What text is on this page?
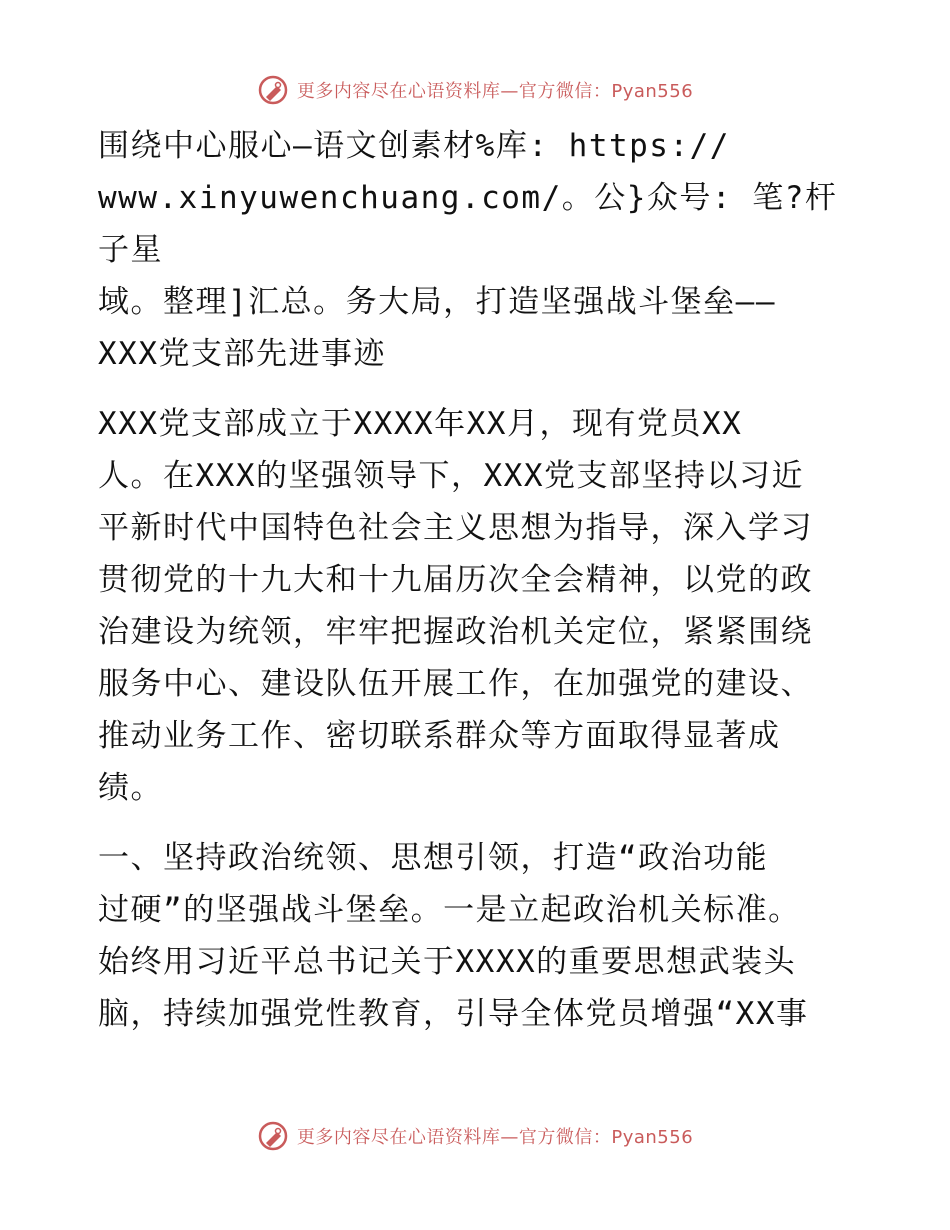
更多内容尽在心语资料库—官方微信：Pyan556

围绕中心服心—语文创素材%库: https://
www.xinyuwenchuang.com/。公}众号: 笔?杆子星
域。整理]汇总。务大局，打造坚强战斗堡垒——
XXX党支部先进事迹

XXX党支部成立于XXXX年XX月，现有党员XX
人。在XXX的坚强领导下，XXX党支部坚持以习近
平新时代中国特色社会主义思想为指导，深入学习
贯彻党的十九大和十九届历次全会精神，以党的政
治建设为统领，牢牢把握政治机关定位，紧紧围绕
服务中心、建设队伍开展工作，在加强党的建设、
推动业务工作、密切联系群众等方面取得显著成
绩。

一、坚持政治统领、思想引领，打造“政治功能
过硬”的坚强战斗堡垒。一是立起政治机关标准。
始终用习近平总书记关于XXXX的重要思想武装头
脑，持续加强党性教育，引导全体党员增强“XX事

更多内容尽在心语资料库—官方微信：Pyan556
